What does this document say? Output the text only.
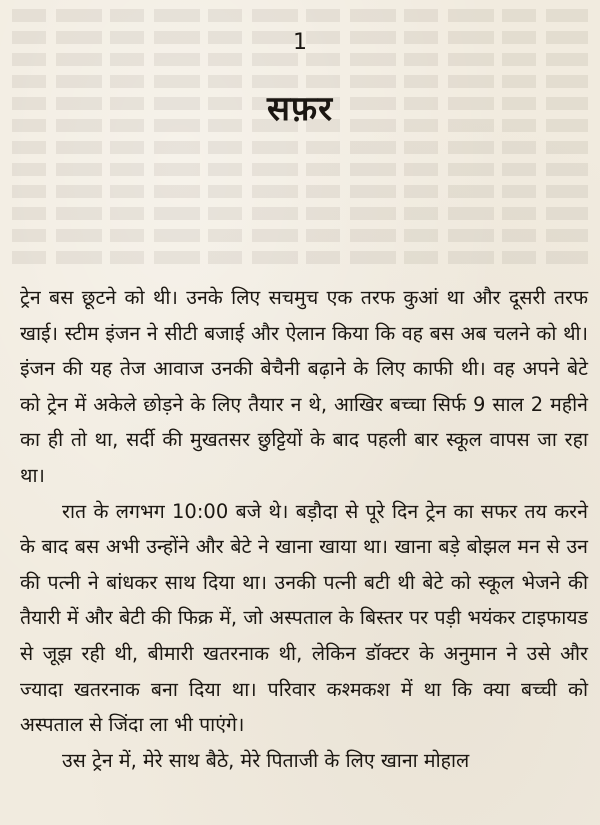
1
सफ़र

ट्रेन बस छूटने को थी। उनके लिए सचमुच एक तरफ कुआं था और दूसरी तरफ खाई। स्टीम इंजन ने सीटी बजाई और ऐलान किया कि वह बस अब चलने को थी। इंजन की यह तेज आवाज उनकी बेचैनी बढ़ाने के लिए काफी थी। वह अपने बेटे को ट्रेन में अकेले छोड़ने के लिए तैयार न थे, आखिर बच्चा सिर्फ 9 साल 2 महीने का ही तो था, सर्दी की मुखतसर छुट्टियों के बाद पहली बार स्कूल वापस जा रहा था।

रात के लगभग 10:00 बजे थे। बड़ौदा से पूरे दिन ट्रेन का सफर तय करने के बाद बस अभी उन्होंने और बेटे ने खाना खाया था। खाना बड़े बोझल मन से उन की पत्नी ने बांधकर साथ दिया था। उनकी पत्नी बटी थी बेटे को स्कूल भेजने की तैयारी में और बेटी की फिक्र में, जो अस्पताल के बिस्तर पर पड़ी भयंकर टाइफायड से जूझ रही थी, बीमारी खतरनाक थी, लेकिन डॉक्टर के अनुमान ने उसे और ज्यादा खतरनाक बना दिया था। परिवार कश्मकश में था कि क्या बच्ची को अस्पताल से जिंदा ला भी पाएंगे।

उस ट्रेन में, मेरे साथ बैठे, मेरे पिताजी के लिए खाना मोहाल
